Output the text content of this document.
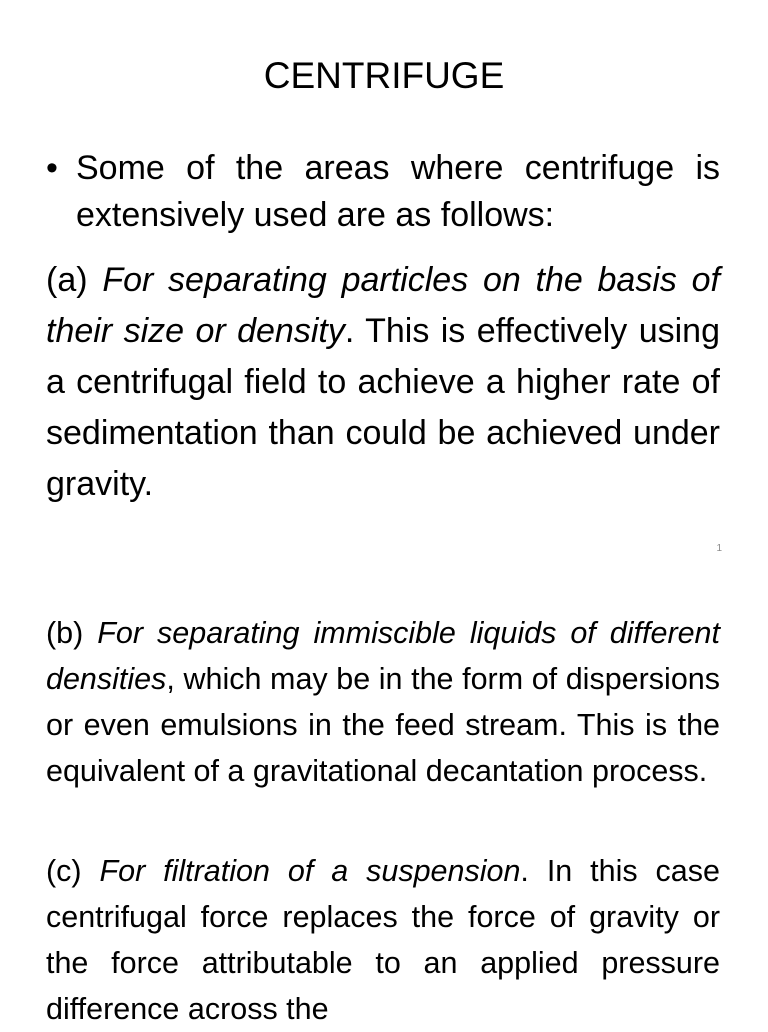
CENTRIFUGE
• Some of the areas where centrifuge is extensively used are as follows:
(a) For separating particles on the basis of their size or density. This is effectively using a centrifugal field to achieve a higher rate of sedimentation than could be achieved under gravity.
1
(b) For separating immiscible liquids of different densities, which may be in the form of dispersions or even emulsions in the feed stream. This is the equivalent of a gravitational decantation process.
(c) For filtration of a suspension. In this case centrifugal force replaces the force of gravity or the force attributable to an applied pressure difference across the
